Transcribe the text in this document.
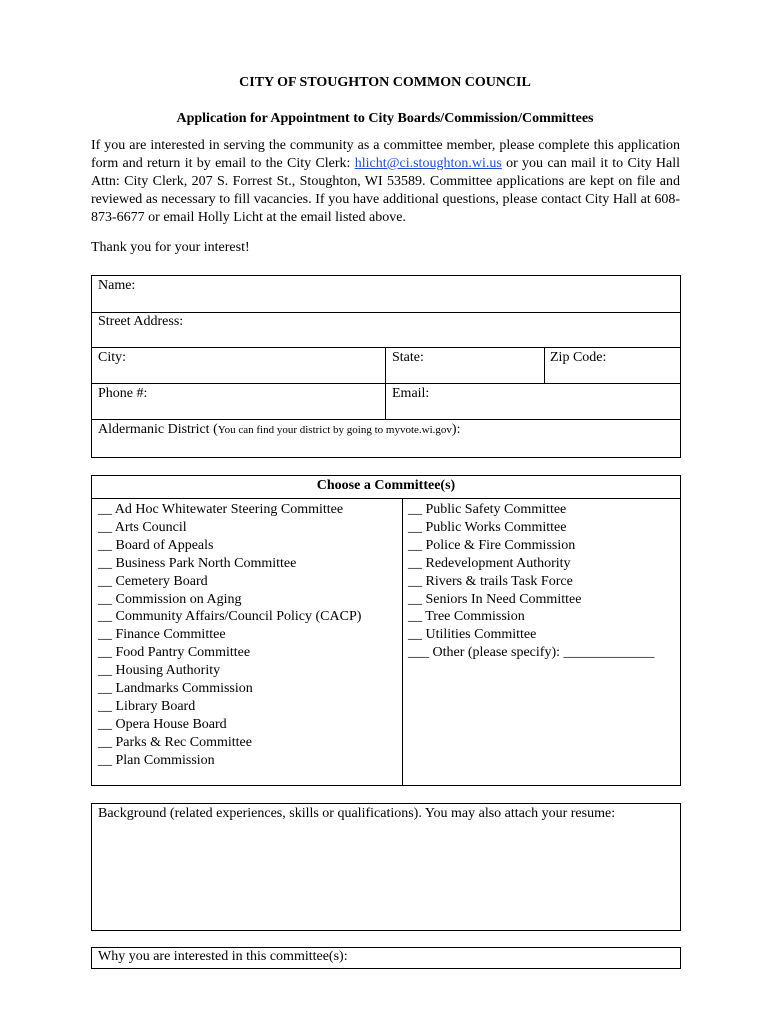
CITY OF STOUGHTON COMMON COUNCIL
Application for Appointment to City Boards/Commission/Committees
If you are interested in serving the community as a committee member, please complete this application form and return it by email to the City Clerk: hlicht@ci.stoughton.wi.us or you can mail it to City Hall Attn: City Clerk, 207 S. Forrest St., Stoughton, WI 53589. Committee applications are kept on file and reviewed as necessary to fill vacancies. If you have additional questions, please contact City Hall at 608-873-6677 or email Holly Licht at the email listed above.
Thank you for your interest!
Name:
Street Address:
City:	State:	Zip Code:
Phone #:	Email:
Aldermanic District (You can find your district by going to myvote.wi.gov):
Choose a Committee(s)
__ Ad Hoc Whitewater Steering Committee
__ Arts Council
__ Board of Appeals
__ Business Park North Committee
__ Cemetery Board
__ Commission on Aging
__ Community Affairs/Council Policy (CACP)
__ Finance Committee
__ Food Pantry Committee
__ Housing Authority
__ Landmarks Commission
__ Library Board
__ Opera House Board
__ Parks & Rec Committee
__ Plan Commission
__ Public Safety Committee
__ Public Works Committee
__ Police & Fire Commission
__ Redevelopment Authority
__ Rivers & trails Task Force
__ Seniors In Need Committee
__ Tree Commission
__ Utilities Committee
___ Other (please specify): _____________
Background (related experiences, skills or qualifications). You may also attach your resume:
Why you are interested in this committee(s):
